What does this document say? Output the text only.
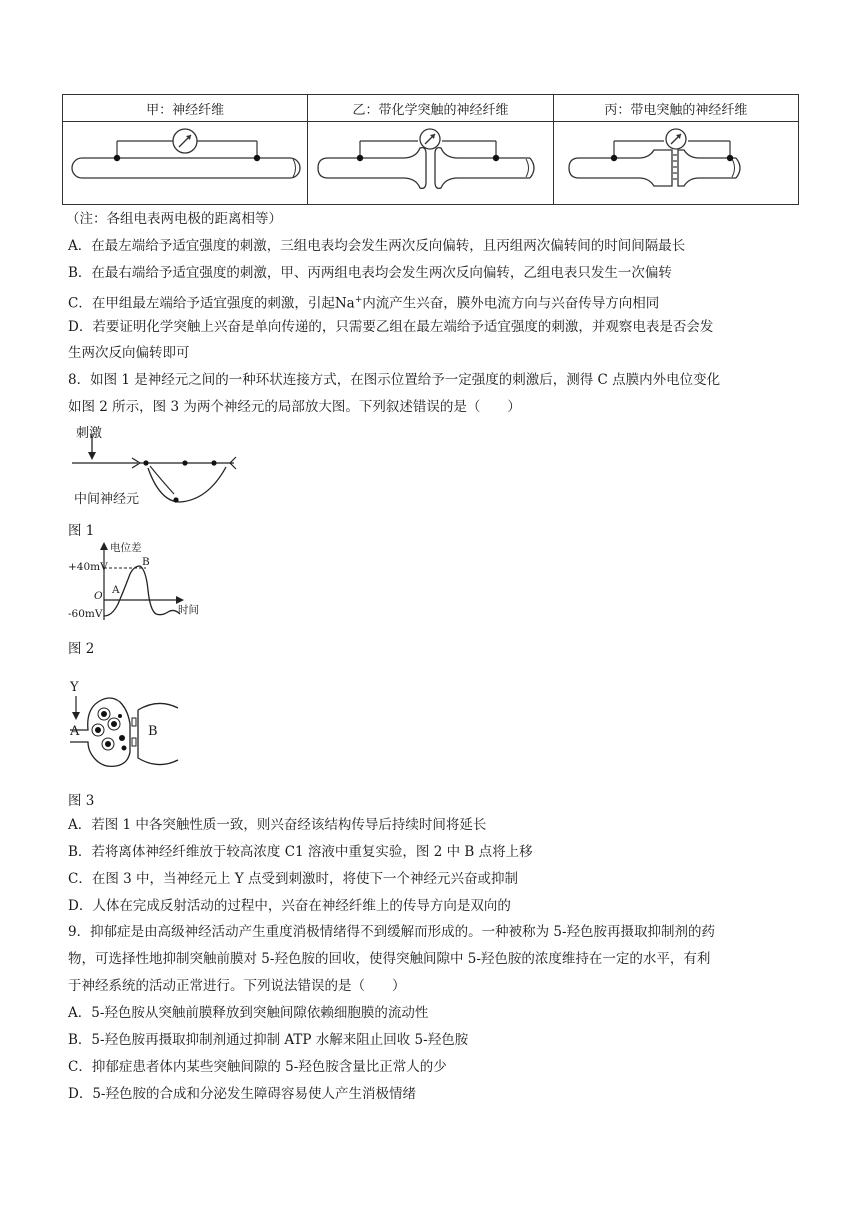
甲：神经纤维	乙：带化学突触的神经纤维	丙：带电突触的神经纤维

（注：各组电表两电极的距离相等）
A．在最左端给予适宜强度的刺激，三组电表均会发生两次反向偏转，且丙组两次偏转间的时间间隔最长
B．在最右端给予适宜强度的刺激，甲、丙两组电表均会发生两次反向偏转，乙组电表只发生一次偏转
C．在甲组最左端给予适宜强度的刺激，引起Na+内流产生兴奋，膜外电流方向与兴奋传导方向相同
D．若要证明化学突触上兴奋是单向传递的，只需要乙组在最左端给予适宜强度的刺激，并观察电表是否会发
生两次反向偏转即可
8．如图 1 是神经元之间的一种环状连接方式，在图示位置给予一定强度的刺激后，测得 C 点膜内外电位变化
如图 2 所示，图 3 为两个神经元的局部放大图。下列叙述错误的是（　　）
刺激
中间神经元
图 1
电位差
+40mV
O
-60mV
A
B
时间
图 2
Y
A	B
图 3
A．若图 1 中各突触性质一致，则兴奋经该结构传导后持续时间将延长
B．若将离体神经纤维放于较高浓度 C1 溶液中重复实验，图 2 中 B 点将上移
C．在图 3 中，当神经元上 Y 点受到刺激时，将使下一个神经元兴奋或抑制
D．人体在完成反射活动的过程中，兴奋在神经纤维上的传导方向是双向的
9．抑郁症是由高级神经活动产生重度消极情绪得不到缓解而形成的。一种被称为 5-羟色胺再摄取抑制剂的药
物，可选择性地抑制突触前膜对 5-羟色胺的回收，使得突触间隙中 5-羟色胺的浓度维持在一定的水平，有利
于神经系统的活动正常进行。下列说法错误的是（　　）
A．5-羟色胺从突触前膜释放到突触间隙依赖细胞膜的流动性
B．5-羟色胺再摄取抑制剂通过抑制 ATP 水解来阻止回收 5-羟色胺
C．抑郁症患者体内某些突触间隙的 5-羟色胺含量比正常人的少
D．5-羟色胺的合成和分泌发生障碍容易使人产生消极情绪
